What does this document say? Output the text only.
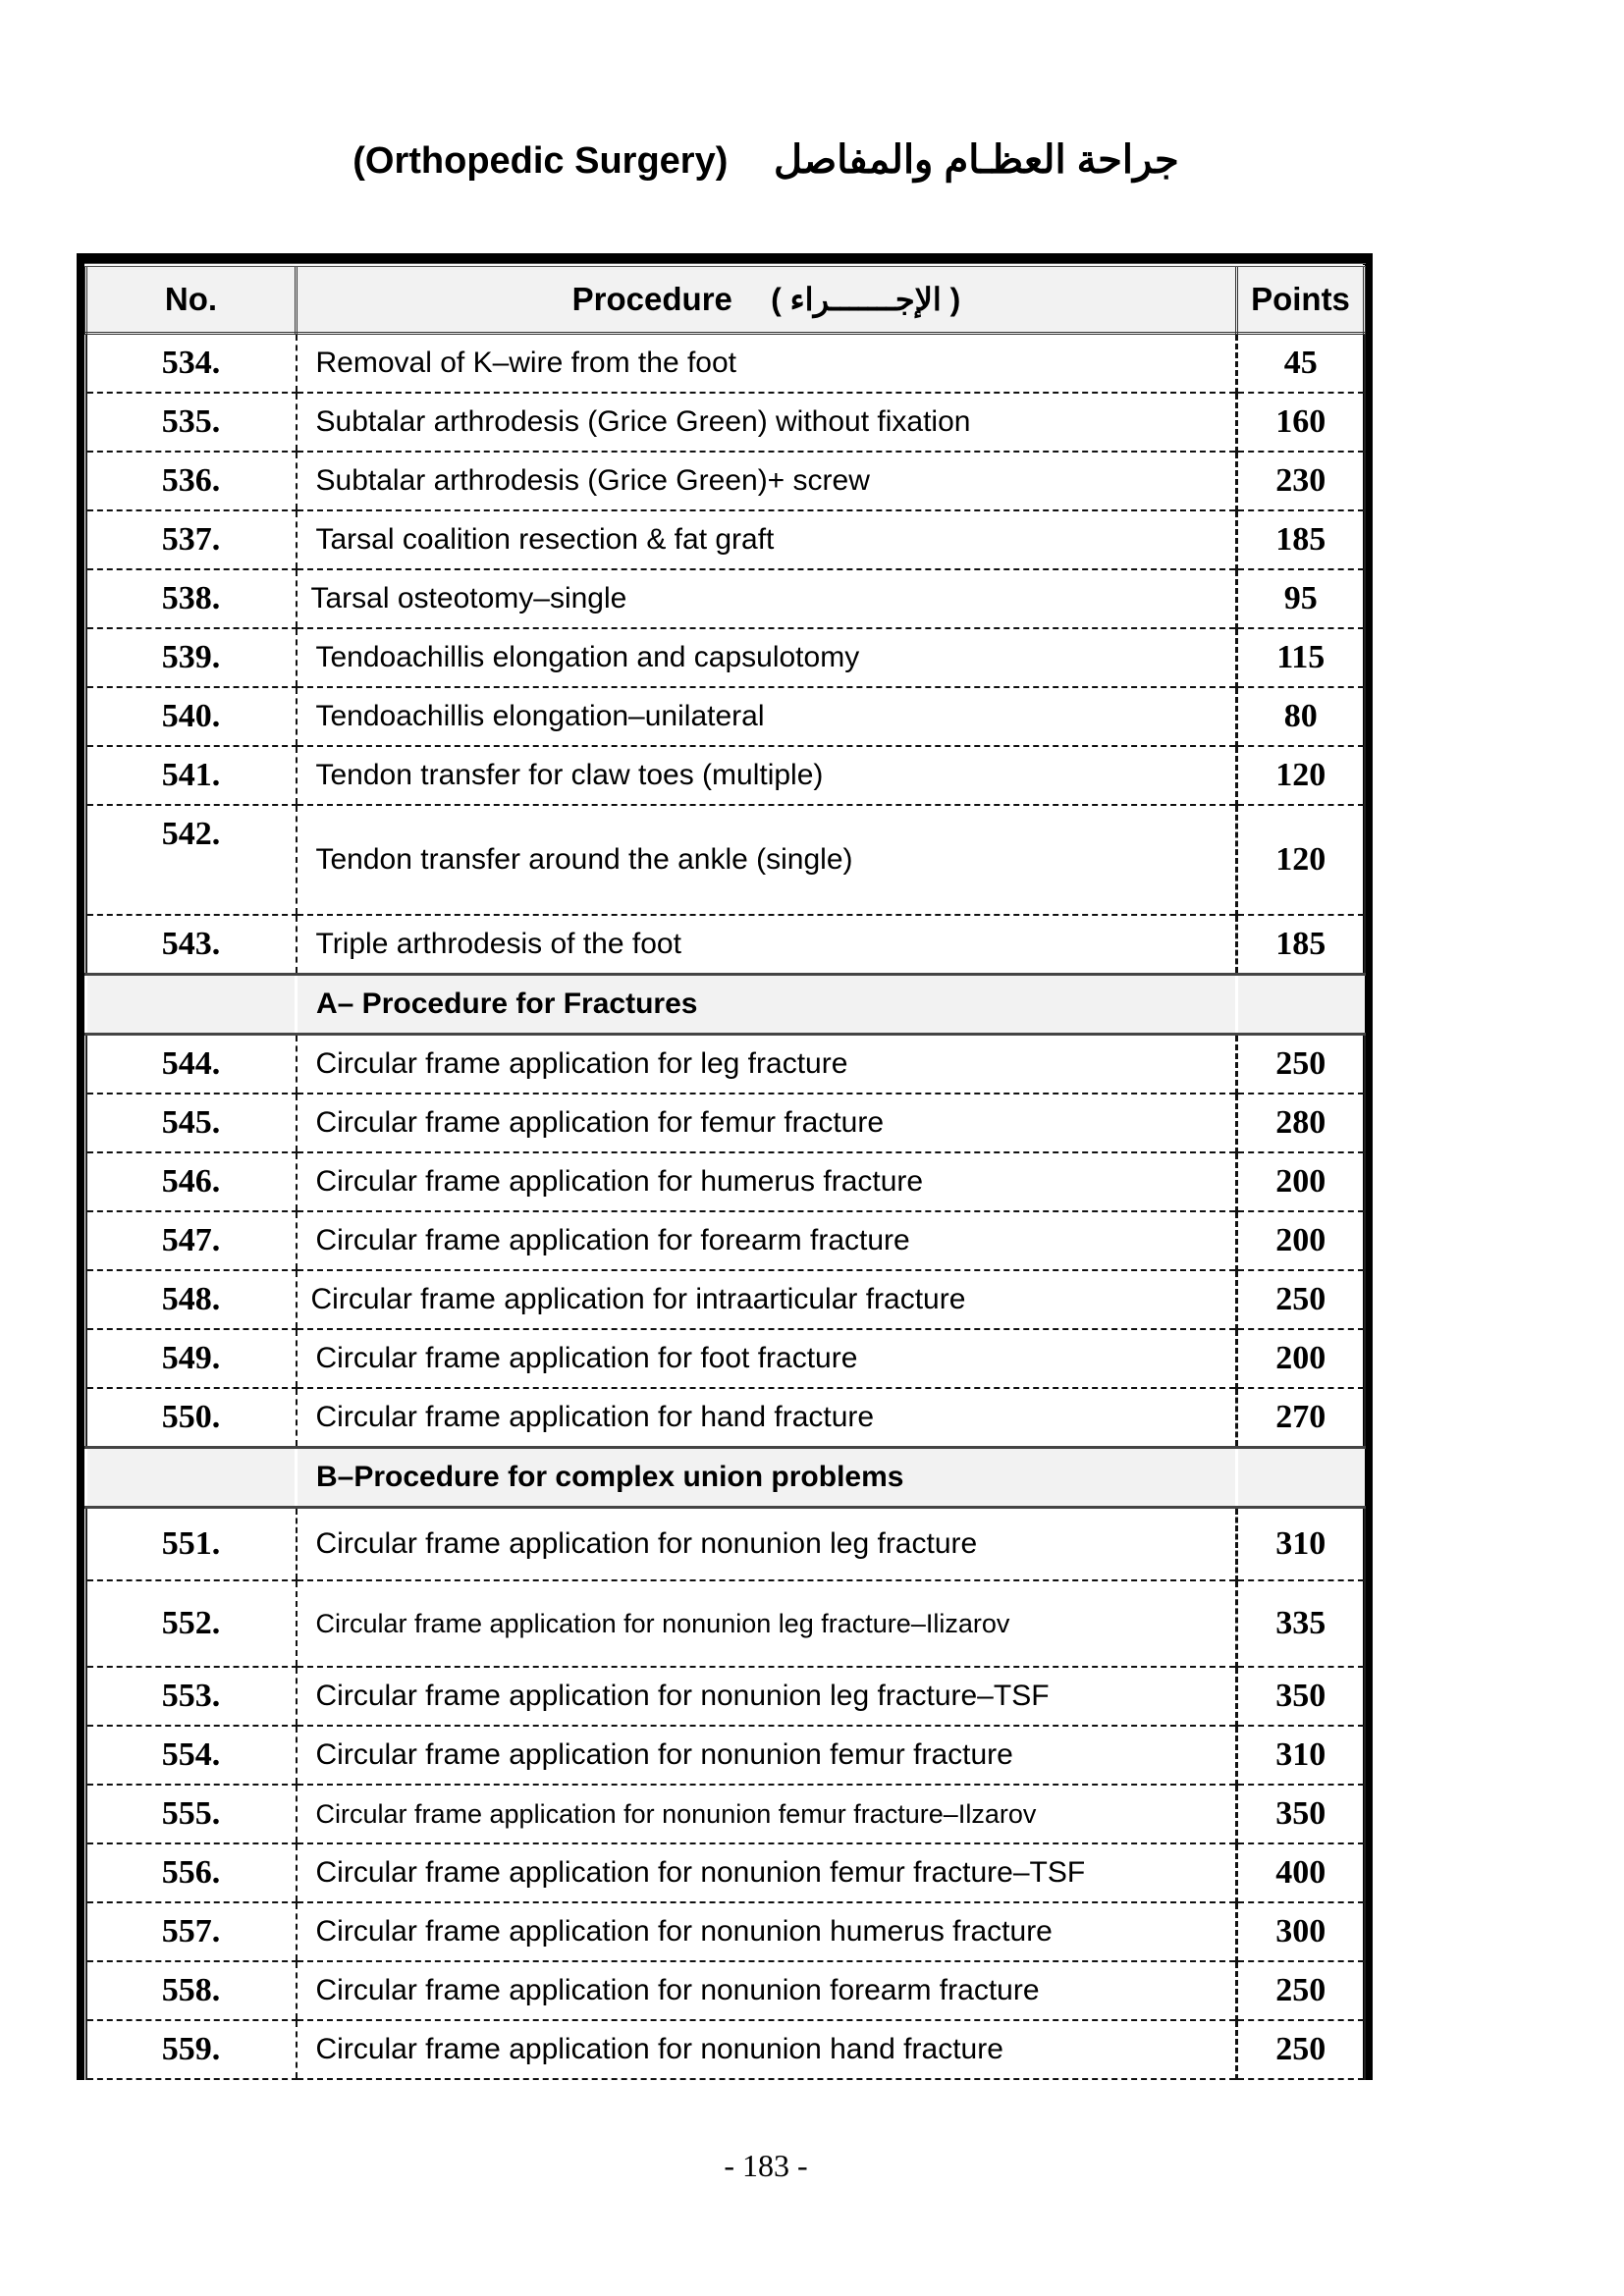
(Orthopedic Surgery) جراحة العظـام والمفاصل
No.	Procedure ( الإجـــــــراء )	Points
534.	Removal of K–wire from the foot	45
535.	Subtalar arthrodesis (Grice Green) without fixation	160
536.	Subtalar arthrodesis (Grice Green)+ screw	230
537.	Tarsal coalition resection & fat graft	185
538.	Tarsal osteotomy–single	95
539.	Tendoachillis elongation and capsulotomy	115
540.	Tendoachillis elongation–unilateral	80
541.	Tendon transfer for claw toes (multiple)	120
542.	Tendon transfer around the ankle (single)	120
543.	Triple arthrodesis of the foot	185
	A– Procedure for Fractures	
544.	Circular frame application for leg fracture	250
545.	Circular frame application for femur fracture	280
546.	Circular frame application for humerus fracture	200
547.	Circular frame application for forearm fracture	200
548.	Circular frame application for intraarticular fracture	250
549.	Circular frame application for foot fracture	200
550.	Circular frame application for hand fracture	270
	B–Procedure for complex union problems	
551.	Circular frame application for nonunion leg fracture	310
552.	Circular frame application for nonunion leg fracture–Ilizarov	335
553.	Circular frame application for nonunion leg fracture–TSF	350
554.	Circular frame application for nonunion femur fracture	310
555.	Circular frame application for nonunion femur fracture–Ilzarov	350
556.	Circular frame application for nonunion femur fracture–TSF	400
557.	Circular frame application for nonunion humerus fracture	300
558.	Circular frame application for nonunion forearm fracture	250
559.	Circular frame application for nonunion hand fracture	250
- 183 -
